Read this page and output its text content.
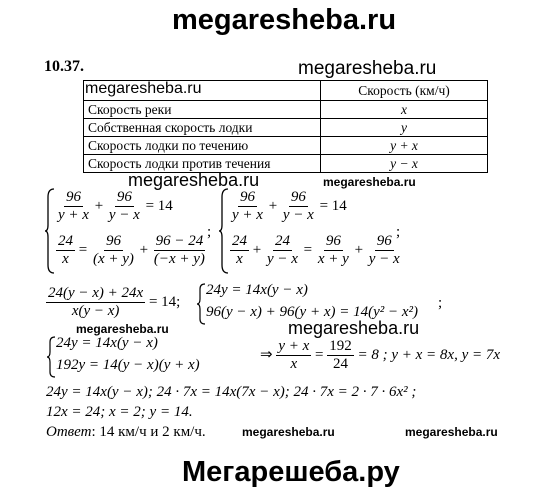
megaresheba.ru
10.37.	megaresheba.ru
megaresheba.ru
		Скорость (км/ч)
Скорость реки	x
Собственная скорость лодки	y
Скорость лодки по течению	y + x
Скорость лодки против течения	y − x
megaresheba.ru	megaresheba.ru
$\frac{96}{y + x} + \frac{96}{y - x} = 14$
$\frac{24}{x} = \frac{96}{(x + y)} + \frac{96 - 24}{(-x + y)}$
;
$\frac{96}{y + x} + \frac{96}{y - x} = 14$
$\frac{24}{x} + \frac{24}{y - x} = \frac{96}{x + y} + \frac{96}{y - x}$
;
$\frac{24(y - x) + 24x}{x(y - x)} = 14$;
24y = 14x(y − x)
96(y − x) + 96(y + x) = 14(y² − x²)
;
megaresheba.ru	megaresheba.ru
24y = 14x(y − x)
192y = 14(y − x)(y + x)
⇒ $\frac{y + x}{x} = \frac{192}{24} = 8$ ; y + x = 8x, y = 7x
24y = 14x(y − x); 24 · 7x = 14x(7x − x); 24 · 7x = 2 · 7 · 6x² ;
12x = 24; x = 2; y = 14.
Ответ: 14 км/ч и 2 км/ч.	megaresheba.ru	megaresheba.ru
Мегарешеба.ру
